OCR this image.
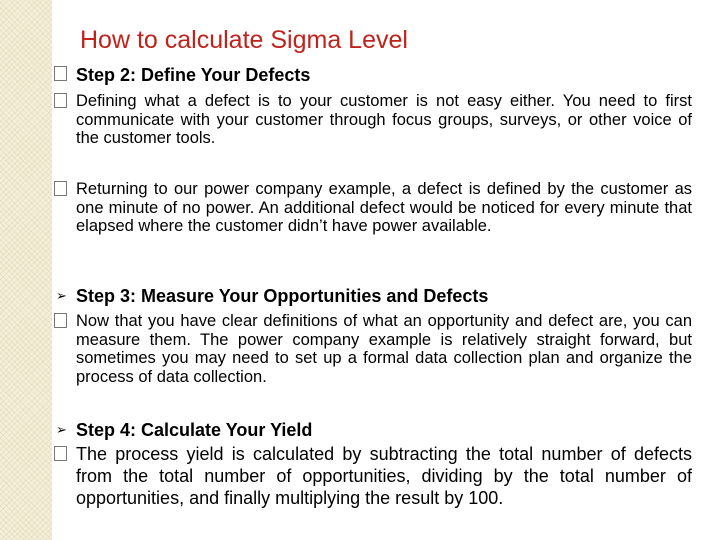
How to calculate Sigma Level
Step 2: Define Your Defects
Defining what a defect is to your customer is not easy either. You need to first communicate with your customer through focus groups, surveys, or other voice of the customer tools.
Returning to our power company example, a defect is defined by the customer as one minute of no power. An additional defect would be noticed for every minute that elapsed where the customer didn’t have power available.
➢ Step 3: Measure Your Opportunities and Defects
Now that you have clear definitions of what an opportunity and defect are, you can measure them. The power company example is relatively straight forward, but sometimes you may need to set up a formal data collection plan and organize the process of data collection.
➢ Step 4: Calculate Your Yield
The process yield is calculated by subtracting the total number of defects from the total number of opportunities, dividing by the total number of opportunities, and finally multiplying the result by 100.
